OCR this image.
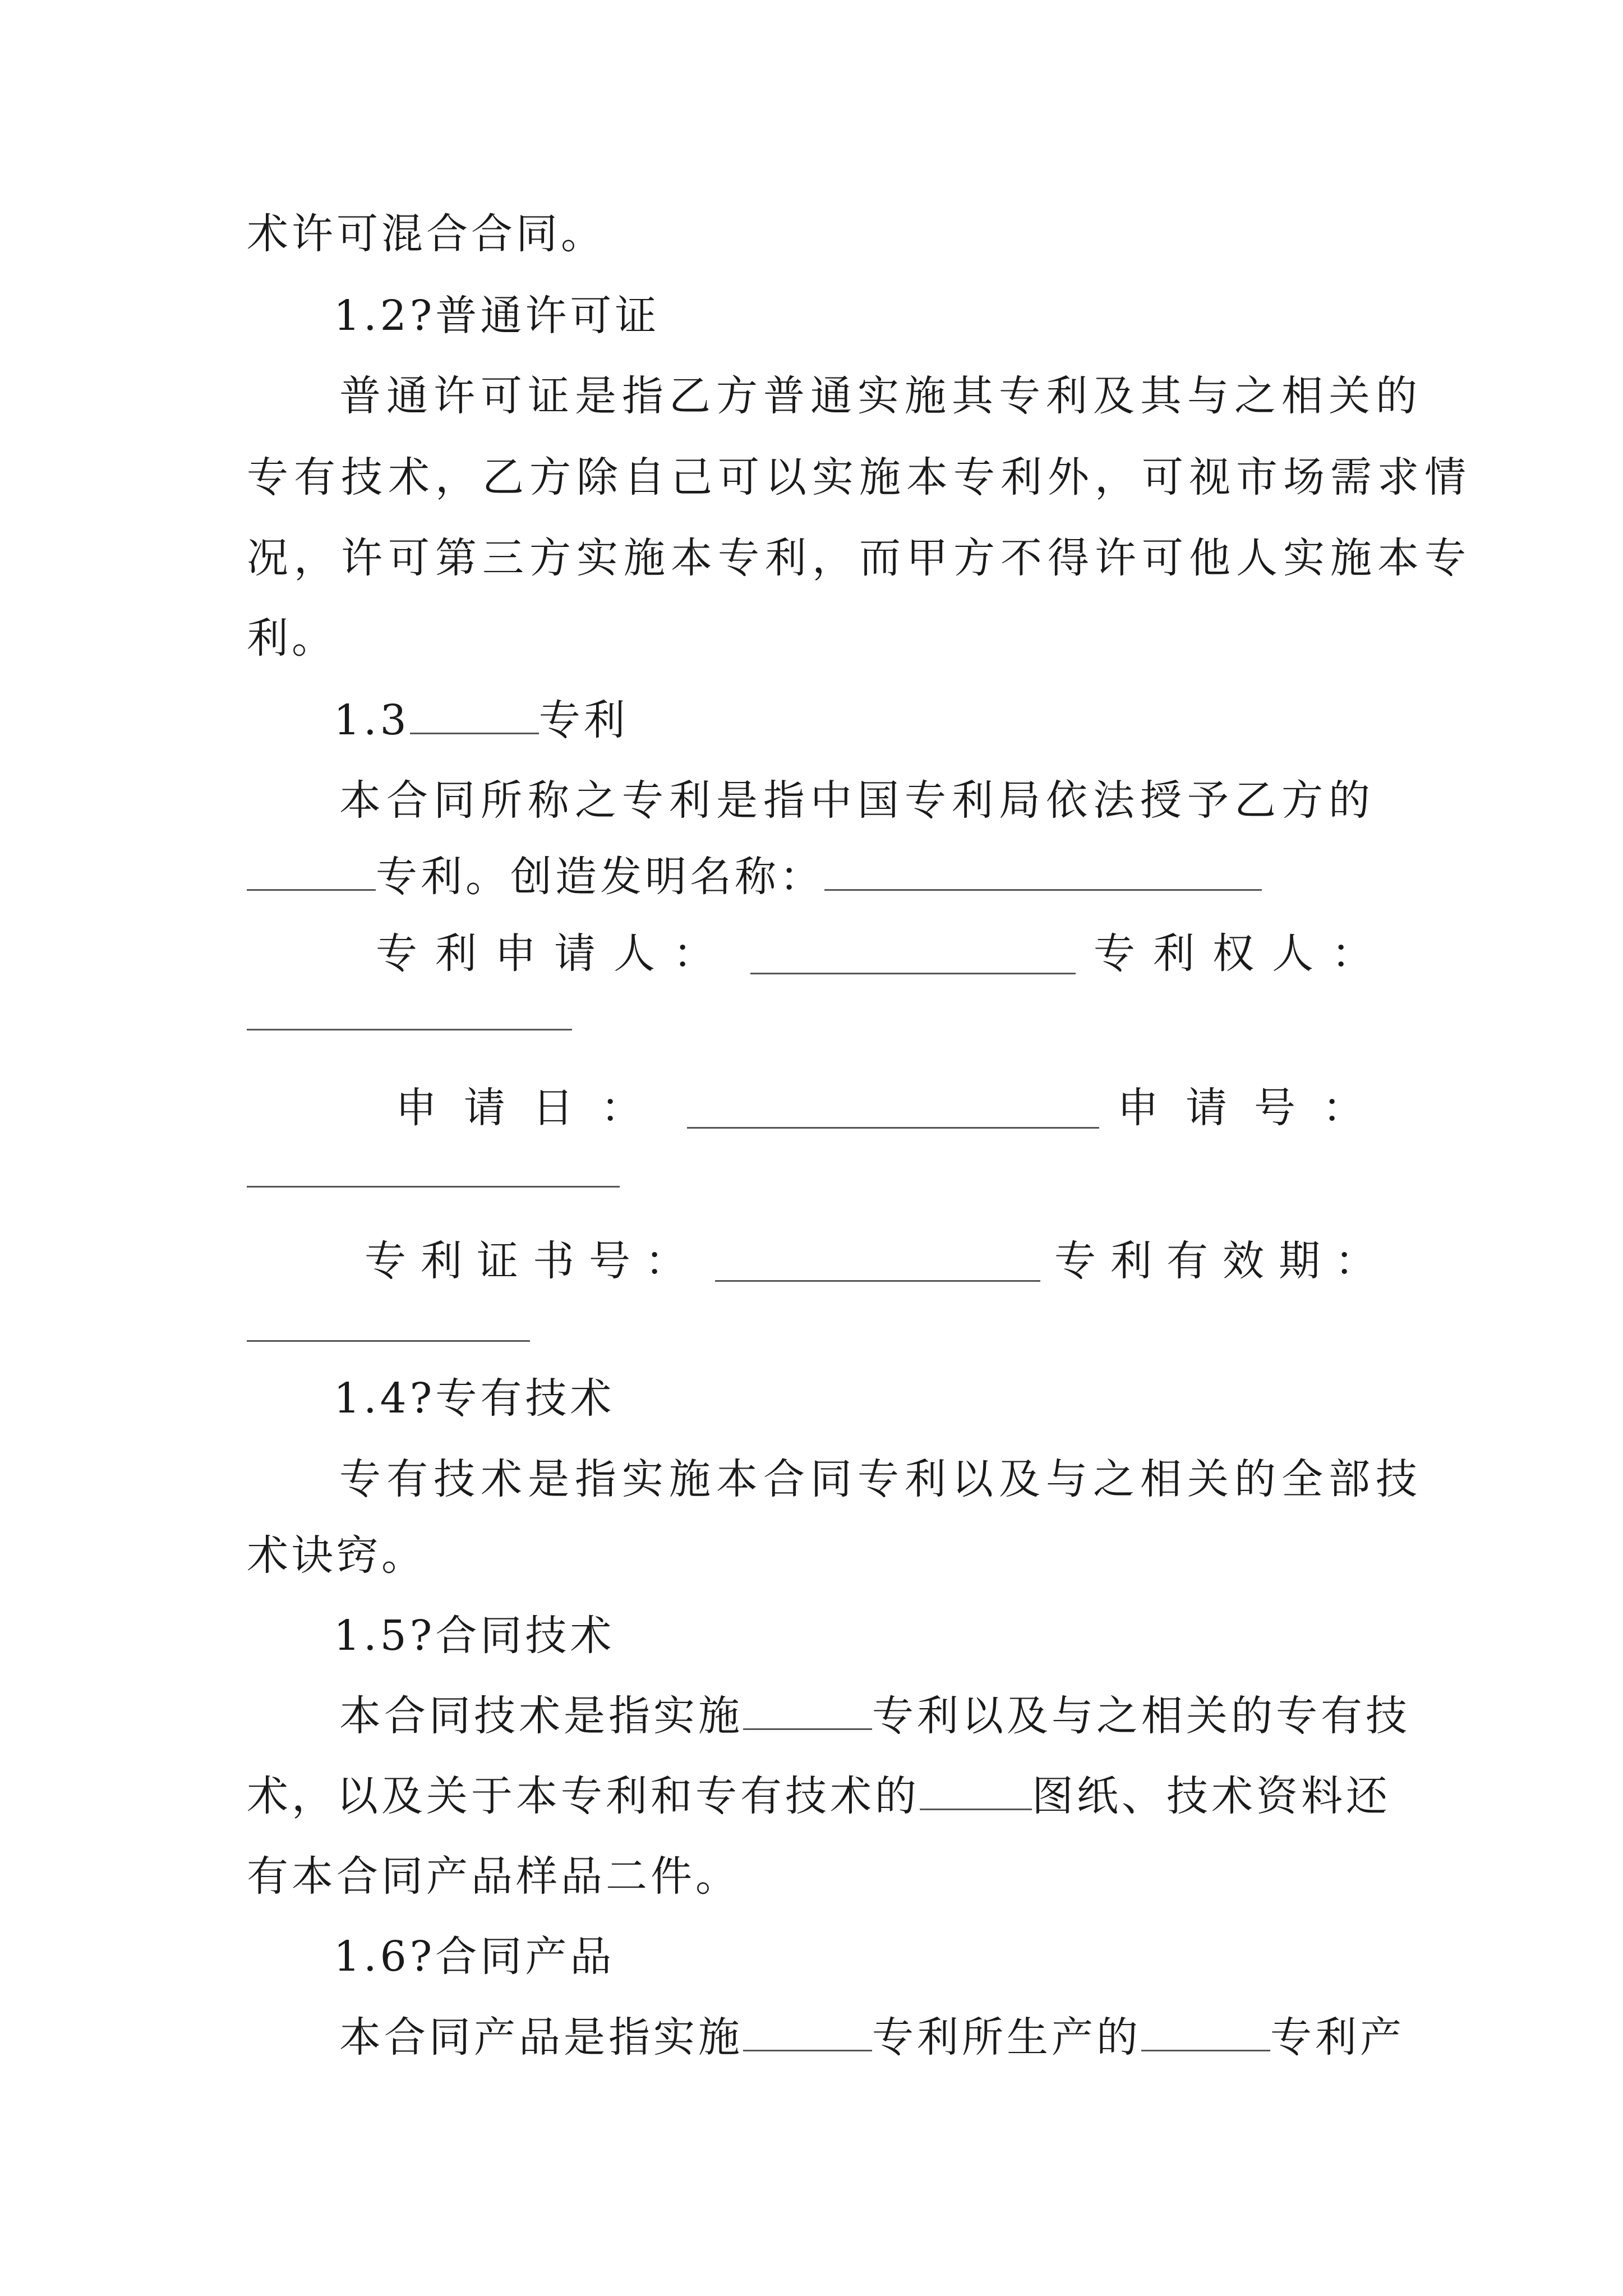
术许可混合合同。
1.2?普通许可证
普通许可证是指乙方普通实施其专利及其与之相关的
专有技术，乙方除自己可以实施本专利外，可视市场需求情
况，许可第三方实施本专利，而甲方不得许可他人实施本专
利。
1.3	专利
本合同所称之专利是指中国专利局依法授予乙方的
专利。创造发明名称：
专利申请人：	专利权人：
申请日：	申请号：
专利证书号：	专利有效期：
1.4?专有技术
专有技术是指实施本合同专利以及与之相关的全部技
术诀窍。
1.5?合同技术
本合同技术是指实施	专利以及与之相关的专有技
术，以及关于本专利和专有技术的	图纸、技术资料还
有本合同产品样品二件。
1.6?合同产品
本合同产品是指实施	专利所生产的	专利产
